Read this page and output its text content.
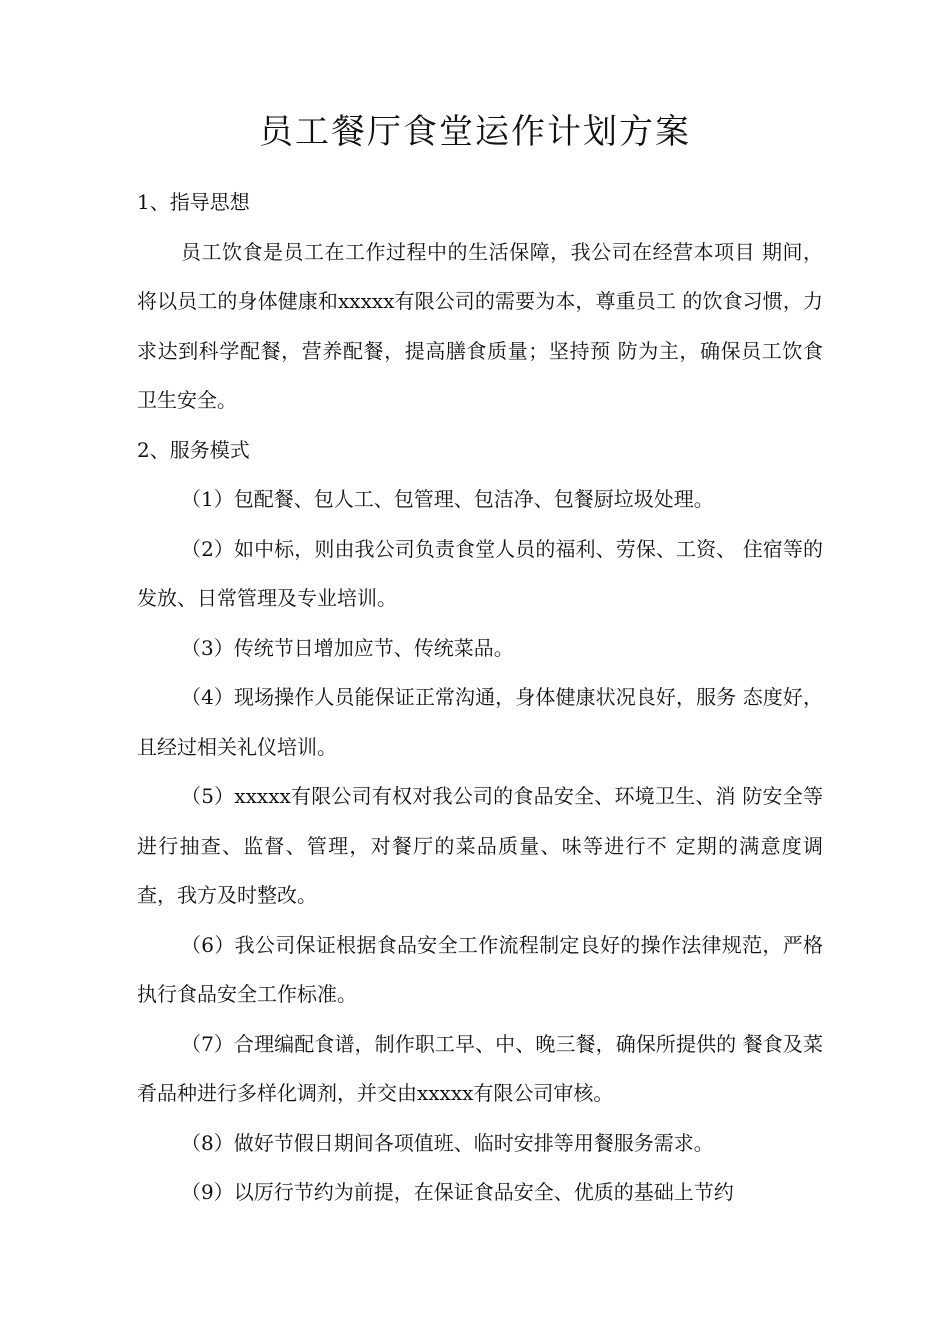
员工餐厅食堂运作计划方案

1、指导思想

员工饮食是员工在工作过程中的生活保障，我公司在经营本项目 期间，将以员工的身体健康和xxxxx有限公司的需要为本，尊重员工 的饮食习惯，力求达到科学配餐，营养配餐，提高膳食质量；坚持预 防为主，确保员工饮食卫生安全。

2、服务模式

（1）包配餐、包人工、包管理、包洁净、包餐厨垃圾处理。

（2）如中标，则由我公司负责食堂人员的福利、劳保、工资、 住宿等的发放、日常管理及专业培训。

（3）传统节日增加应节、传统菜品。

（4）现场操作人员能保证正常沟通，身体健康状况良好，服务 态度好，且经过相关礼仪培训。

（5）xxxxx有限公司有权对我公司的食品安全、环境卫生、消 防安全等进行抽查、监督、管理，对餐厅的菜品质量、味等进行不 定期的满意度调查，我方及时整改。

（6）我公司保证根据食品安全工作流程制定良好的操作法律规范，严格执行食品安全工作标准。

（7）合理编配食谱，制作职工早、中、晚三餐，确保所提供的 餐食及菜肴品种进行多样化调剂，并交由xxxxx有限公司审核。

（8）做好节假日期间各项值班、临时安排等用餐服务需求。

（9）以厉行节约为前提，在保证食品安全、优质的基础上节约
